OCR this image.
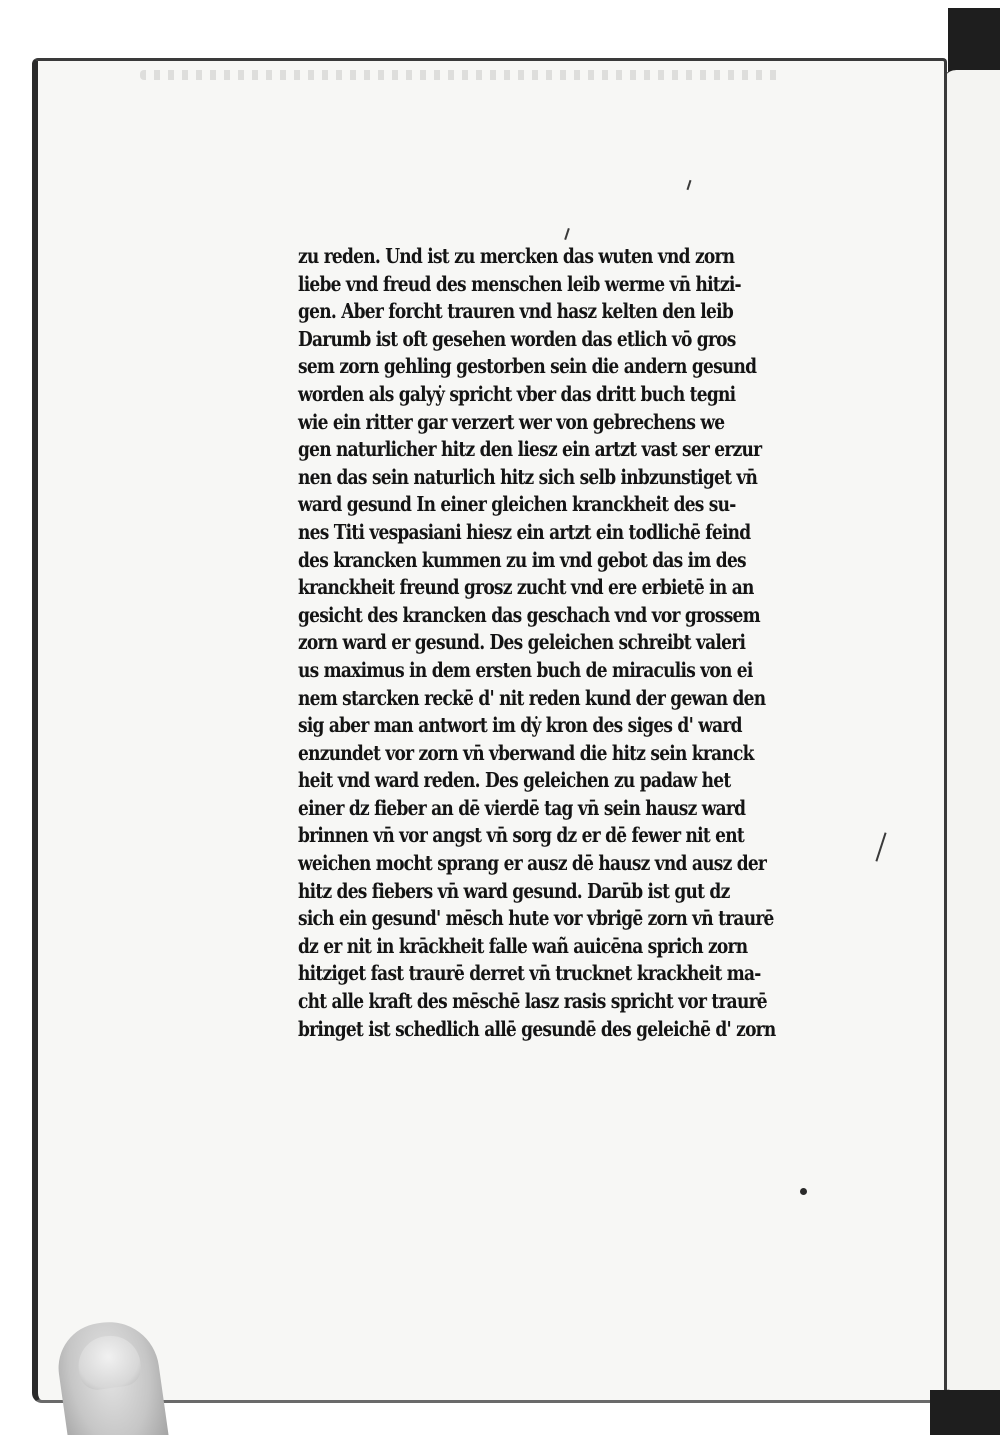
zu reden. Und ist zu mercken das wuten vnd zorn
liebe vnd freud des menschen leib werme vn̄ hitzi-
gen. Aber forcht trauren vnd hasz kelten den leib
Darumb ist oft gesehen worden das etlich vō gros
sem zorn gehling gestorben sein die andern gesund
worden als galyẏ spricht vber das dritt buch tegni
wie ein ritter gar verzert wer von gebrechens we
gen naturlicher hitz den liesz ein artzt vast ser erzur
nen das sein naturlich hitz sich selb inbzunstiget vn̄
ward gesund In einer gleichen kranckheit des su-
nes Titi vespasiani hiesz ein artzt ein todlichē feind
des krancken kummen zu im vnd gebot das im des
kranckheit freund grosz zucht vnd ere erbietē in an
gesicht des krancken das geschach vnd vor grossem
zorn ward er gesund. Des geleichen schreibt valeri
us maximus in dem ersten buch de miraculis von ei
nem starcken reckē d' nit reden kund der gewan den
sig aber man antwort im dẏ kron des siges d' ward
enzundet vor zorn vn̄ vberwand die hitz sein kranck
heit vnd ward reden. Des geleichen zu padaw het
einer dz fieber an dē vierdē tag vn̄ sein hausz ward
brinnen vn̄ vor angst vn̄ sorg dz er dē fewer nit ent
weichen mocht sprang er ausz dē hausz vnd ausz der
hitz des fiebers vn̄ ward gesund. Darūb ist gut dz
sich ein gesund' mēsch hute vor vbrigē zorn vn̄ traurē
dz er nit in krāckheit falle wañ auicēna sprich zorn
hitziget fast traurē derret vn̄ trucknet krackheit ma-
cht alle kraft des mēschē lasz rasis spricht vor traurē
bringet ist schedlich allē gesundē des geleichē d' zorn
